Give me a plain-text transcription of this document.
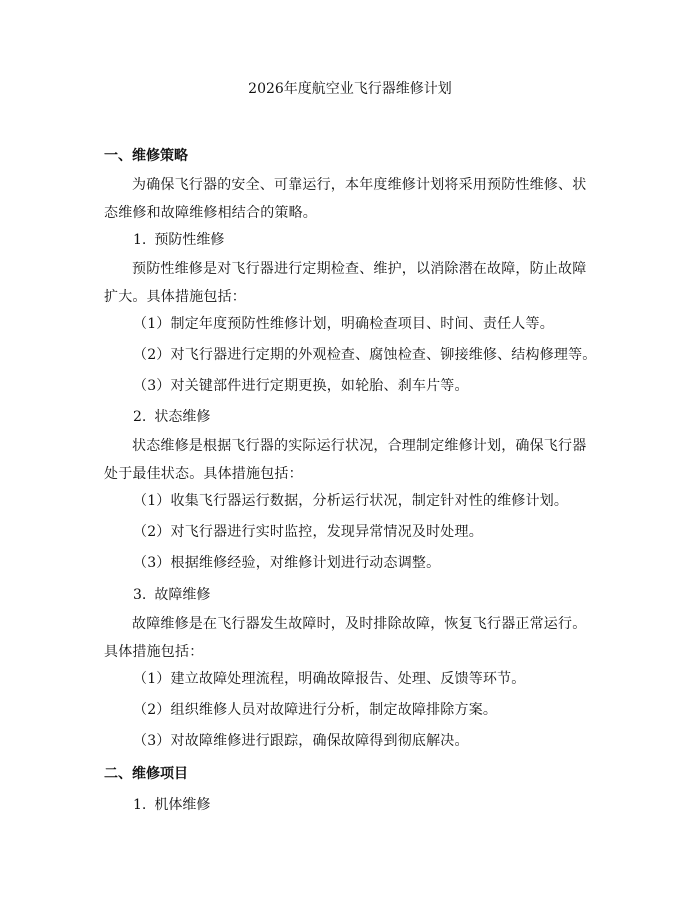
2026年度航空业飞行器维修计划
一、维修策略
为确保飞行器的安全、可靠运行，本年度维修计划将采用预防性维修、状态维修和故障维修相结合的策略。
1. 预防性维修
预防性维修是对飞行器进行定期检查、维护，以消除潜在故障，防止故障扩大。具体措施包括：
（1）制定年度预防性维修计划，明确检查项目、时间、责任人等。
（2）对飞行器进行定期的外观检查、腐蚀检查、铆接维修、结构修理等。
（3）对关键部件进行定期更换，如轮胎、刹车片等。
2. 状态维修
状态维修是根据飞行器的实际运行状况，合理制定维修计划，确保飞行器处于最佳状态。具体措施包括：
（1）收集飞行器运行数据，分析运行状况，制定针对性的维修计划。
（2）对飞行器进行实时监控，发现异常情况及时处理。
（3）根据维修经验，对维修计划进行动态调整。
3. 故障维修
故障维修是在飞行器发生故障时，及时排除故障，恢复飞行器正常运行。具体措施包括：
（1）建立故障处理流程，明确故障报告、处理、反馈等环节。
（2）组织维修人员对故障进行分析，制定故障排除方案。
（3）对故障维修进行跟踪，确保故障得到彻底解决。
二、维修项目
1. 机体维修
